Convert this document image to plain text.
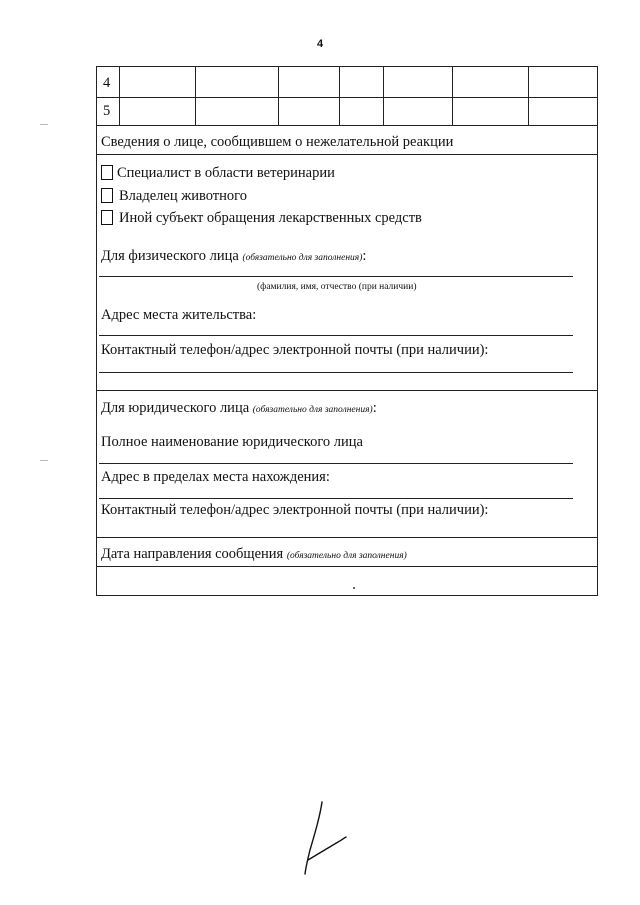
4
4
5
Сведения о лице, сообщившем о нежелательной реакции
Специалист в области ветеринарии
Владелец животного
Иной субъект обращения лекарственных средств
Для физического лица (обязательно для заполнения):
(фамилия, имя, отчество (при наличии)
Адрес места жительства:
Контактный телефон/адрес электронной почты (при наличии):
Для юридического лица (обязательно для заполнения):
Полное наименование юридического лица
Адрес в пределах места нахождения:
Контактный телефон/адрес электронной почты (при наличии):
Дата направления сообщения (обязательно для заполнения)
